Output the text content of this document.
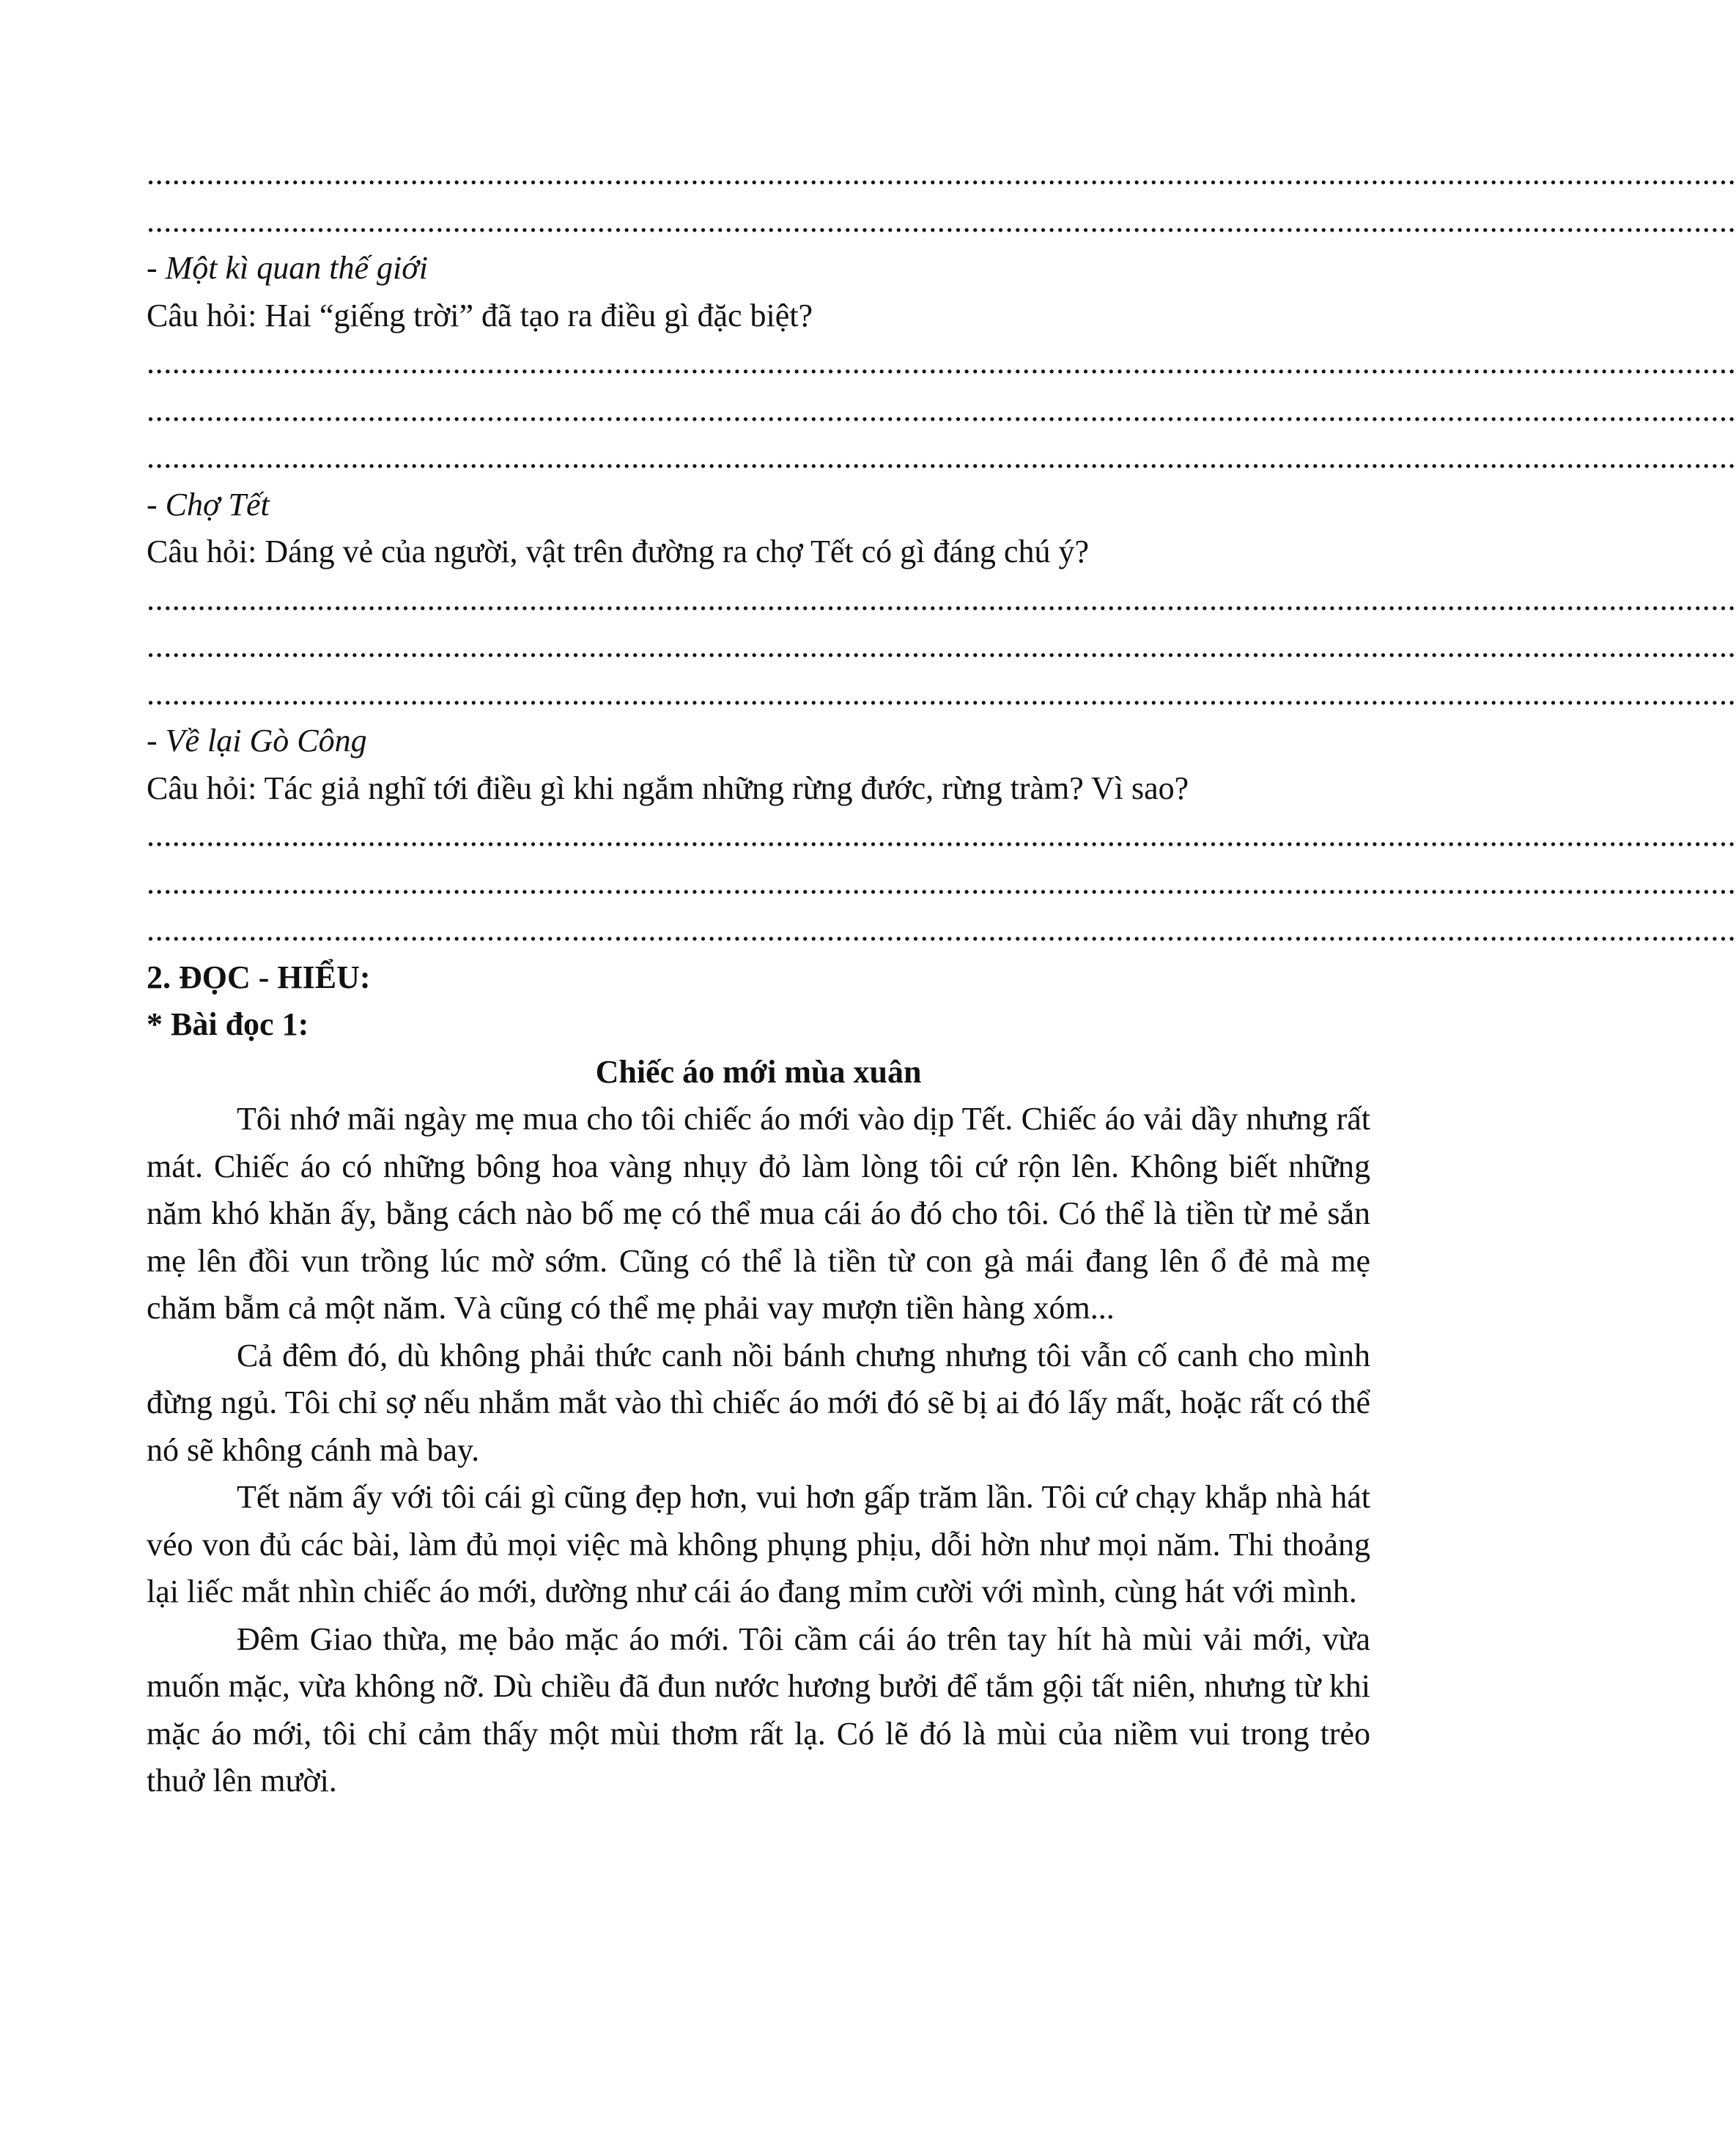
...........................................................................................................................................................................................
...........................................................................................................................................................................................
- Một kì quan thế giới
Câu hỏi: Hai “giếng trời” đã tạo ra điều gì đặc biệt?
...........................................................................................................................................................................................
...........................................................................................................................................................................................
...........................................................................................................................................................................................
- Chợ Tết
Câu hỏi: Dáng vẻ của người, vật trên đường ra chợ Tết có gì đáng chú ý?
...........................................................................................................................................................................................
...........................................................................................................................................................................................
...........................................................................................................................................................................................
- Về lại Gò Công
Câu hỏi: Tác giả nghĩ tới điều gì khi ngắm những rừng đước, rừng tràm? Vì sao?
...........................................................................................................................................................................................
...........................................................................................................................................................................................
...........................................................................................................................................................................................
2. ĐỌC - HIỂU:
* Bài đọc 1:
Chiếc áo mới mùa xuân

Tôi nhớ mãi ngày mẹ mua cho tôi chiếc áo mới vào dịp Tết. Chiếc áo vải dầy nhưng rất mát. Chiếc áo có những bông hoa vàng nhụy đỏ làm lòng tôi cứ rộn lên. Không biết những năm khó khăn ấy, bằng cách nào bố mẹ có thể mua cái áo đó cho tôi. Có thể là tiền từ mẻ sắn mẹ lên đồi vun trồng lúc mờ sớm. Cũng có thể là tiền từ con gà mái đang lên ổ đẻ mà mẹ chăm bẵm cả một năm. Và cũng có thể mẹ phải vay mượn tiền hàng xóm...

Cả đêm đó, dù không phải thức canh nồi bánh chưng nhưng tôi vẫn cố canh cho mình đừng ngủ. Tôi chỉ sợ nếu nhắm mắt vào thì chiếc áo mới đó sẽ bị ai đó lấy mất, hoặc rất có thể nó sẽ không cánh mà bay.

Tết năm ấy với tôi cái gì cũng đẹp hơn, vui hơn gấp trăm lần. Tôi cứ chạy khắp nhà hát véo von đủ các bài, làm đủ mọi việc mà không phụng phịu, dỗi hờn như mọi năm. Thi thoảng lại liếc mắt nhìn chiếc áo mới, dường như cái áo đang mỉm cười với mình, cùng hát với mình.

Đêm Giao thừa, mẹ bảo mặc áo mới. Tôi cầm cái áo trên tay hít hà mùi vải mới, vừa muốn mặc, vừa không nỡ. Dù chiều đã đun nước hương bưởi để tắm gội tất niên, nhưng từ khi mặc áo mới, tôi chỉ cảm thấy một mùi thơm rất lạ. Có lẽ đó là mùi của niềm vui trong trẻo thuở lên mười.
